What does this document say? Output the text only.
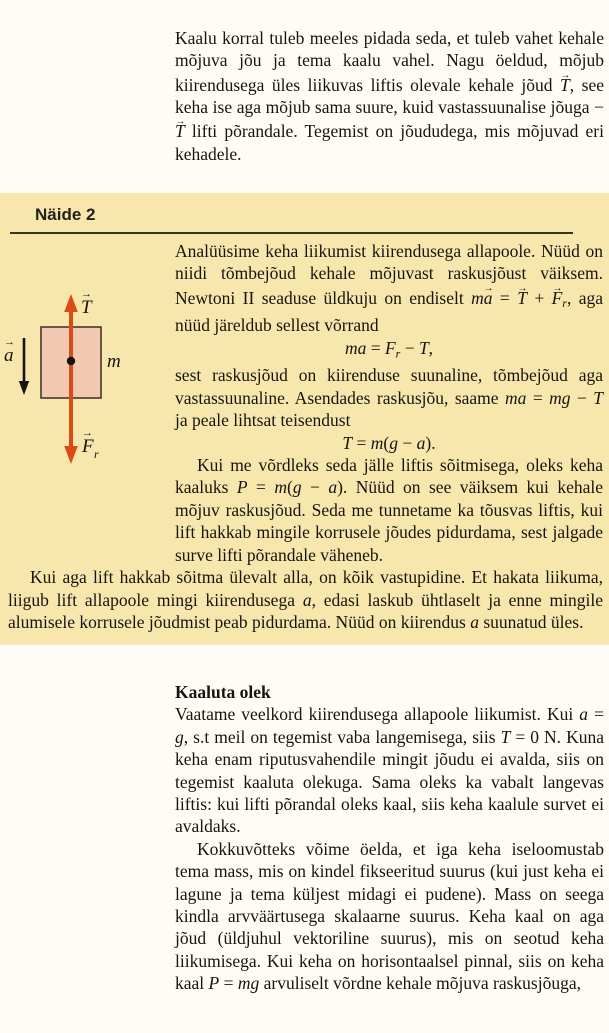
Kaalu korral tuleb meeles pidada seda, et tuleb vahet kehale mõjuva jõu ja tema kaalu vahel. Nagu öeldud, mõjub kiirendusega üles liikuvas liftis olevale kehale jõud T →, see keha ise aga mõjub sama suure, kuid vastassuunalise jõuga −T → lifti põrandale. Tegemist on jõududega, mis mõjuvad eri kehadele.

Näide 2
→
T
m
→
F r
→
a

Analüüsime keha liikumist kiirendusega allapoole. Nüüd on niidi tõmbejõud kehale mõjuvast raskusjõust väiksem. Newtoni II seaduse üldkuju on endiselt ma → = T → + F →r, aga nüüd järeldub sellest võrrand

ma = Fr − T,

sest raskusjõud on kiirenduse suunaline, tõmbejõud aga vastassuunaline. Asendades raskusjõu, saame ma = mg − T ja peale lihtsat teisendust

T = m(g − a).

Kui me võrdleks seda jälle liftis sõitmisega, oleks keha kaaluks P = m(g − a). Nüüd on see väiksem kui kehale mõjuv raskusjõud. Seda me tunnetame ka tõusvas liftis, kui lift hakkab mingile korrusele jõudes pidurdama, sest jalgade surve lifti põrandale väheneb.

Kui aga lift hakkab sõitma ülevalt alla, on kõik vastupidine. Et hakata liikuma, liigub lift allapoole mingi kiirendusega a, edasi laskub ühtlaselt ja enne mingile alumisele korrusele jõudmist peab pidurdama. Nüüd on kiirendus a suunatud üles.

Kaaluta olek

Vaatame veelkord kiirendusega allapoole liikumist. Kui a = g, s.t meil on tegemist vaba langemisega, siis T = 0 N. Kuna keha enam riputusvahendile mingit jõudu ei avalda, siis on tegemist kaaluta olekuga. Sama oleks ka vabalt langevas liftis: kui lifti põrandal oleks kaal, siis keha kaalule survet ei avaldaks.

Kokkuvõtteks võime öelda, et iga keha iseloomustab tema mass, mis on kindel fikseeritud suurus (kui just keha ei lagune ja tema küljest midagi ei pudene). Mass on seega kindla arvväärtusega skalaarne suurus. Keha kaal on aga jõud (üldjuhul vektoriline suurus), mis on seotud keha liikumisega. Kui keha on horisontaalsel pinnal, siis on keha kaal P = mg arvuliselt võrdne kehale mõjuva raskusjõuga,
